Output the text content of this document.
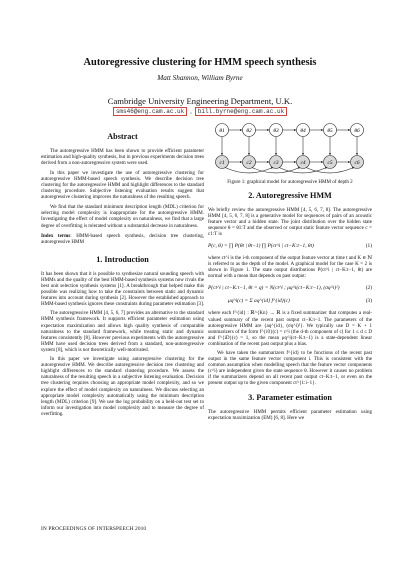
Autoregressive clustering for HMM speech synthesis
Matt Shannon, William Byrne
Cambridge University Engineering Department, U.K.
sms46@eng.cam.ac.uk , bill.byrne@eng.cam.ac.uk
Abstract

The autoregressive HMM has been shown to provide efficient parameter estimation and high-quality synthesis, but in previous experiments decision trees derived from a non-autoregressive system were used.

In this paper we investigate the use of autoregressive clustering for autoregressive HMM-based speech synthesis. We describe decision tree clustering for the autoregressive HMM and highlight differences to the standard clustering procedure. Subjective listening evaluation results suggest that autoregressive clustering improves the naturalness of the resulting speech.

We find that the standard minimum description length (MDL) criterion for selecting model complexity is inappropriate for the autoregressive HMM. Investigating the effect of model complexity on naturalness, we find that a large degree of overfitting is tolerated without a substantial decrease in naturalness.

Index terms: HMM-based speech synthesis, decision tree clustering, autoregressive HMM

1. Introduction

It has been shown that it is possible to synthesize natural sounding speech with HMMs and the quality of the best HMM-based synthesis systems now rivals the best unit selection synthesis systems [1]. A breakthrough that helped make this possible was realizing how to take the constraints between static and dynamic features into account during synthesis [2]. However the established approach to HMM-based synthesis ignores these constraints during parameter estimation [3].

The autoregressive HMM [4, 5, 6, 7] provides an alternative to the standard HMM synthesis framework. It supports efficient parameter estimation using expectation maximization and allows high quality synthesis of comparable naturalness to the standard framework, while treating static and dynamic features consistently [8]. However previous experiments with the autoregressive HMM have used decision trees derived from a standard, non-autoregressive system [8], which is not theoretically well-motivated.

In this paper we investigate using autoregressive clustering for the autoregressive HMM. We describe autoregressive decision tree clustering and highlight differences to the standard clustering procedure. We assess the naturalness of the resulting speech in a subjective listening evaluation. Decision tree clustering requires choosing an appropriate model complexity, and so we explore the effect of model complexity on naturalness. We discuss selecting an appropriate model complexity automatically using the minimum description length (MDL) criterion [9]. We use the log probability on a held-out test set to inform our investigation into model complexity and to measure the degree of overfitting.

θ1
c1
θ2
c2
θ3
c3
θ4
c4
θ5
c5
θ6
c6
Figure 1: graphical model for autoregressive HMM of depth 2
2. Autoregressive HMM

We briefly review the autoregressive HMM [4, 5, 6, 7, 8]. The autoregressive HMM [4, 5, 6, 7, 8] is a generative model for sequences of pairs of an acoustic feature vector and a hidden state. The joint distribution over the hidden state sequence θ = θ1:T and the observed or output static feature vector sequence c = c1:T is

P(c, θ) = ∏ P(θt | θt−1) ∏ P(ct^i | ct−K:t−1, θt)	(1)

where ct^i is the i-th component of the output feature vector at time t and K ∈ ℕ is referred to as the depth of the model. A graphical model for the case K = 2 is shown in Figure 1. The state output distributions P(ct^i | ct−K:t−1, θt) are normal with a mean that depends on past output:

P(ct^i | ct−K:t−1, θt = q) = N(ct^i ; μq^i(ct−K:t−1), (σq^i)²)	(2)
μq^i(c) = Σ aq^{id} f^{id}(c)	(3)

where each f^{id} : ℝ^{Kn} → ℝ is a fixed summarizer that computes a real-valued summary of the recent past output ct−K:t−1. The parameters of the autoregressive HMM are {aq^{id}, (σq^i)²}. We typically use D = K + 1 summarizers of the form f^{i0}(c) = c^i (the d-th component of c) for 1 ≤ d ≤ D and f^{iD}(c) = 1, so the mean μq^i(ct−K:t−1) is a state-dependent linear combination of the recent past output plus a bias.

We have taken the summarizers f^{id} to be functions of the recent past output in the same feature vector component i. This is consistent with the common assumption when modelling speech that the feature vector components (c^i) are independent given the state sequence θ. However it causes no problem if the summarizers depend on all recent past output ct−K:t−1, or even on the present output up to the given component ct^{1:i−1}.

3. Parameter estimation

The autoregressive HMM permits efficient parameter estimation using expectation maximization (EM) [6, 8]. Here we

IN PROCEEDINGS OF INTERSPEECH 2010
